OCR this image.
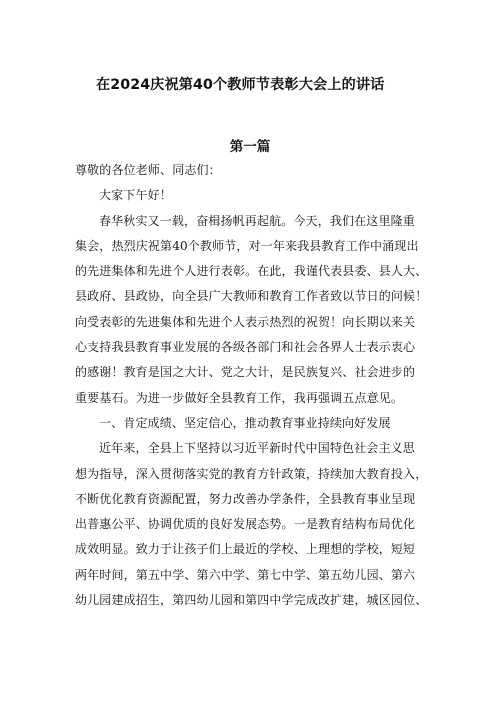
在2024庆祝第40个教师节表彰大会上的讲话
第一篇
尊敬的各位老师、同志们：
大家下午好！
春华秋实又一载，奋楫扬帆再起航。今天，我们在这里隆重
集会，热烈庆祝第40个教师节，对一年来我县教育工作中涌现出
的先进集体和先进个人进行表彰。在此，我谨代表县委、县人大、
县政府、县政协，向全县广大教师和教育工作者致以节日的问候！
向受表彰的先进集体和先进个人表示热烈的祝贺！向长期以来关
心支持我县教育事业发展的各级各部门和社会各界人士表示衷心
的感谢！教育是国之大计、党之大计，是民族复兴、社会进步的
重要基石。为进一步做好全县教育工作，我再强调五点意见。
一、肯定成绩、坚定信心，推动教育事业持续向好发展
近年来，全县上下坚持以习近平新时代中国特色社会主义思
想为指导，深入贯彻落实党的教育方针政策，持续加大教育投入，
不断优化教育资源配置，努力改善办学条件，全县教育事业呈现
出普惠公平、协调优质的良好发展态势。一是教育结构布局优化
成效明显。致力于让孩子们上最近的学校、上理想的学校，短短
两年时间，第五中学、第六中学、第七中学、第五幼儿园、第六
幼儿园建成招生，第四幼儿园和第四中学完成改扩建，城区园位、
